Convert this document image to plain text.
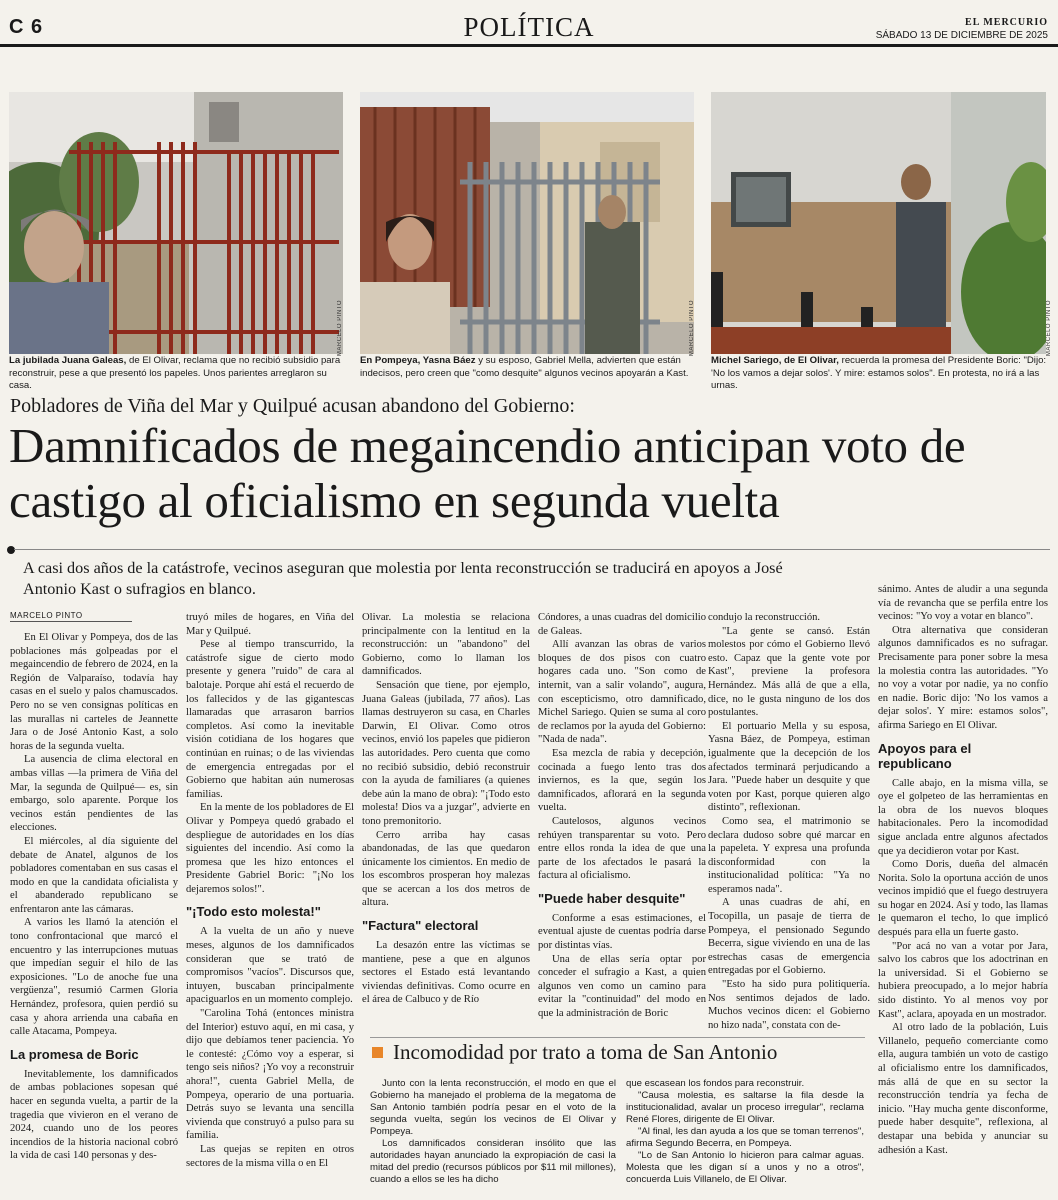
C 6	POLÍTICA	EL MERCURIO
SÁBADO 13 DE DICIEMBRE DE 2025
MARCELO PINTO	MARCELO PINTO	MARCELO PINTO
La jubilada Juana Galeas, de El Olivar, reclama que no recibió subsidio para reconstruir, pese a que presentó los papeles. Unos parientes arreglaron su casa.
En Pompeya, Yasna Báez y su esposo, Gabriel Mella, advierten que están indecisos, pero creen que "como desquite" algunos vecinos apoyarán a Kast.
Michel Sariego, de El Olivar, recuerda la promesa del Presidente Boric: "Dijo: 'No los vamos a dejar solos'. Y mire: estamos solos". En protesta, no irá a las urnas.
Pobladores de Viña del Mar y Quilpué acusan abandono del Gobierno:
Damnificados de megaincendio anticipan voto de castigo al oficialismo en segunda vuelta
A casi dos años de la catástrofe, vecinos aseguran que molestia por lenta reconstrucción se traducirá en apoyos a José Antonio Kast o sufragios en blanco.
MARCELO PINTO

En El Olivar y Pompeya, dos de las poblaciones más golpeadas por el megaincendio de febrero de 2024, en la Región de Valparaíso, todavía hay casas en el suelo y palos chamuscados. Pero no se ven consignas políticas en las murallas ni carteles de Jeannette Jara o de José Antonio Kast, a solo horas de la segunda vuelta.

La ausencia de clima electoral en ambas villas —la primera de Viña del Mar, la segunda de Quilpué— es, sin embargo, solo aparente. Porque los vecinos están pendientes de las elecciones.

El miércoles, al día siguiente del debate de Anatel, algunos de los pobladores comentaban en sus casas el modo en que la candidata oficialista y el abanderado republicano se enfrentaron ante las cámaras.

A varios les llamó la atención el tono confrontacional que marcó el encuentro y las interrupciones mutuas que impedían seguir el hilo de las exposiciones. "Lo de anoche fue una vergüenza", resumió Carmen Gloria Hernández, profesora, quien perdió su casa y ahora arrienda una cabaña en calle Atacama, Pompeya.

La promesa de Boric

Inevitablemente, los damnificados de ambas poblaciones sopesan qué hacer en segunda vuelta, a partir de la tragedia que vivieron en el verano de 2024, cuando uno de los peores incendios de la historia nacional cobró la vida de casi 140 personas y des-

truyó miles de hogares, en Viña del Mar y Quilpué.

Pese al tiempo transcurrido, la catástrofe sigue de cierto modo presente y genera "ruido" de cara al balotaje. Porque ahí está el recuerdo de los fallecidos y de las gigantescas llamaradas que arrasaron barrios completos. Así como la inevitable visión cotidiana de los hogares que continúan en ruinas; o de las viviendas de emergencia entregadas por el Gobierno que habitan aún numerosas familias.

En la mente de los pobladores de El Olivar y Pompeya quedó grabado el despliegue de autoridades en los días siguientes del incendio. Así como la promesa que les hizo entonces el Presidente Gabriel Boric: "¡No los dejaremos solos!".

"¡Todo esto molesta!"

A la vuelta de un año y nueve meses, algunos de los damnificados consideran que se trató de compromisos "vacíos". Discursos que, intuyen, buscaban principalmente apaciguarlos en un momento complejo.

"Carolina Tohá (entonces ministra del Interior) estuvo aquí, en mi casa, y dijo que debíamos tener paciencia. Yo le contesté: ¿Cómo voy a esperar, si tengo seis niños? ¡Yo voy a reconstruir ahora!", cuenta Gabriel Mella, de Pompeya, operario de una portuaria. Detrás suyo se levanta una sencilla vivienda que construyó a pulso para su familia.

Las quejas se repiten en otros sectores de la misma villa o en El

Olivar. La molestia se relaciona principalmente con la lentitud en la reconstrucción: un "abandono" del Gobierno, como lo llaman los damnificados.

Sensación que tiene, por ejemplo, Juana Galeas (jubilada, 77 años). Las llamas destruyeron su casa, en Charles Darwin, El Olivar. Como otros vecinos, envió los papeles que pidieron las autoridades. Pero cuenta que como no recibió subsidio, debió reconstruir con la ayuda de familiares (a quienes debe aún la mano de obra): "¡Todo esto molesta! Dios va a juzgar", advierte en tono premonitorio.

Cerro arriba hay casas abandonadas, de las que quedaron únicamente los cimientos. En medio de los escombros prosperan hoy malezas que se acercan a los dos metros de altura.

"Factura" electoral

La desazón entre las víctimas se mantiene, pese a que en algunos sectores el Estado está levantando viviendas definitivas. Como ocurre en el área de Calbuco y de Río

Cóndores, a unas cuadras del domicilio de Galeas.

Allí avanzan las obras de varios bloques de dos pisos con cuatro hogares cada uno. "Son como de internit, van a salir volando", augura, con escepticismo, otro damnificado, Michel Sariego. Quien se suma al coro de reclamos por la ayuda del Gobierno: "Nada de nada".

Esa mezcla de rabia y decepción, cocinada a fuego lento tras dos inviernos, es la que, según los damnificados, aflorará en la segunda vuelta.

Cautelosos, algunos vecinos rehúyen transparentar su voto. Pero entre ellos ronda la idea de que una parte de los afectados le pasará la factura al oficialismo.

"Puede haber desquite"

Conforme a esas estimaciones, el eventual ajuste de cuentas podría darse por distintas vías.

Una de ellas sería optar por conceder el sufragio a Kast, a quien algunos ven como un camino para evitar la "continuidad" del modo en que la administración de Boric

condujo la reconstrucción.

"La gente se cansó. Están molestos por cómo el Gobierno llevó esto. Capaz que la gente vote por Kast", previene la profesora Hernández. Más allá de que a ella, dice, no le gusta ninguno de los dos postulantes.

El portuario Mella y su esposa, Yasna Báez, de Pompeya, estiman igualmente que la decepción de los afectados terminará perjudicando a Jara. "Puede haber un desquite y que voten por Kast, porque quieren algo distinto", reflexionan.

Como sea, el matrimonio se declara dudoso sobre qué marcar en la papeleta. Y expresa una profunda disconformidad con la institucionalidad política: "Ya no esperamos nada".

A unas cuadras de ahí, en Tocopilla, un pasaje de tierra de Pompeya, el pensionado Segundo Becerra, sigue viviendo en una de las estrechas casas de emergencia entregadas por el Gobierno.

"Esto ha sido pura politiquería. Nos sentimos dejados de lado. Muchos vecinos dicen: el Gobierno no hizo nada", constata con de-

sánimo. Antes de aludir a una segunda vía de revancha que se perfila entre los vecinos: "Yo voy a votar en blanco".

Otra alternativa que consideran algunos damnificados es no sufragar. Precisamente para poner sobre la mesa la molestia contra las autoridades. "Yo no voy a votar por nadie, ya no confío en nadie. Boric dijo: 'No los vamos a dejar solos'. Y mire: estamos solos", afirma Sariego en El Olivar.

Apoyos para el republicano

Calle abajo, en la misma villa, se oye el golpeteo de las herramientas en la obra de los nuevos bloques habitacionales. Pero la incomodidad sigue anclada entre algunos afectados que ya decidieron votar por Kast.

Como Doris, dueña del almacén Norita. Solo la oportuna acción de unos vecinos impidió que el fuego destruyera su hogar en 2024. Así y todo, las llamas le quemaron el techo, lo que implicó después para ella un fuerte gasto.

"Por acá no van a votar por Jara, salvo los cabros que los adoctrinan en la universidad. Si el Gobierno se hubiera preocupado, a lo mejor habría sido distinto. Yo al menos voy por Kast", aclara, apoyada en un mostrador.

Al otro lado de la población, Luis Villanelo, pequeño comerciante como ella, augura también un voto de castigo al oficialismo entre los damnificados, más allá de que en su sector la reconstrucción tendría ya fecha de inicio. "Hay mucha gente disconforme, puede haber desquite", reflexiona, al destapar una bebida y anunciar su adhesión a Kast.

Incomodidad por trato a toma de San Antonio

Junto con la lenta reconstrucción, el modo en que el Gobierno ha manejado el problema de la megatoma de San Antonio también podría pesar en el voto de la segunda vuelta, según los vecinos de El Olivar y Pompeya.

Los damnificados consideran insólito que las autoridades hayan anunciado la expropiación de casi la mitad del predio (recursos públicos por $11 mil millones), cuando a ellos se les ha dicho

que escasean los fondos para reconstruir.

"Causa molestia, es saltarse la fila desde la institucionalidad, avalar un proceso irregular", reclama René Flores, dirigente de El Olivar.

"Al final, les dan ayuda a los que se toman terrenos", afirma Segundo Becerra, en Pompeya.

"Lo de San Antonio lo hicieron para calmar aguas. Molesta que les digan sí a unos y no a otros", concuerda Luis Villanelo, de El Olivar.
